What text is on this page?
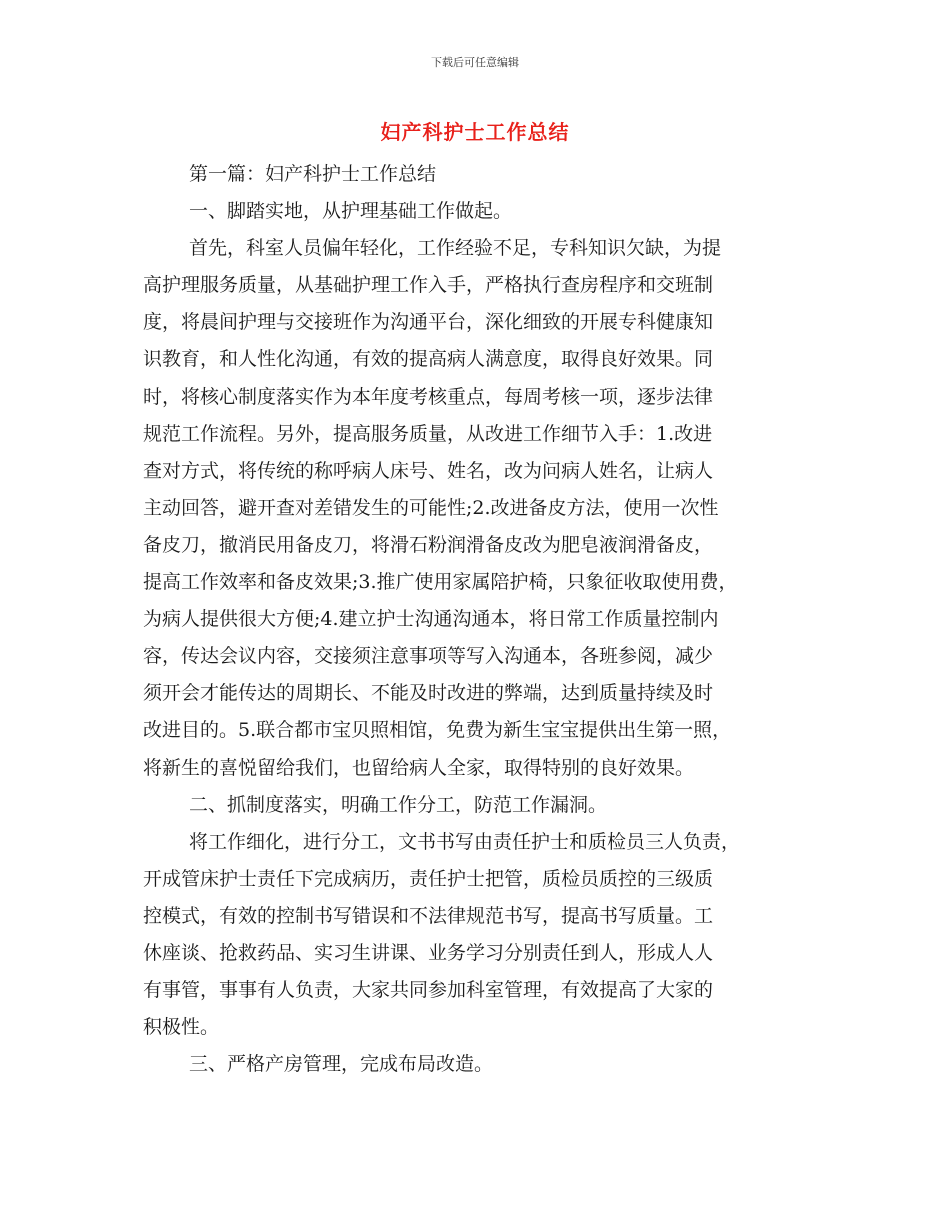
下载后可任意编辑
妇产科护士工作总结
第一篇：妇产科护士工作总结
一、脚踏实地，从护理基础工作做起。
首先，科室人员偏年轻化，工作经验不足，专科知识欠缺，为提
高护理服务质量，从基础护理工作入手，严格执行查房程序和交班制
度，将晨间护理与交接班作为沟通平台，深化细致的开展专科健康知
识教育，和人性化沟通，有效的提高病人满意度，取得良好效果。同
时，将核心制度落实作为本年度考核重点，每周考核一项，逐步法律
规范工作流程。另外，提高服务质量，从改进工作细节入手：1.改进
查对方式，将传统的称呼病人床号、姓名，改为问病人姓名，让病人
主动回答，避开查对差错发生的可能性;2.改进备皮方法，使用一次性
备皮刀，撤消民用备皮刀，将滑石粉润滑备皮改为肥皂液润滑备皮，
提高工作效率和备皮效果;3.推广使用家属陪护椅，只象征收取使用费，
为病人提供很大方便;4.建立护士沟通沟通本，将日常工作质量控制内
容，传达会议内容，交接须注意事项等写入沟通本，各班参阅，减少
须开会才能传达的周期长、不能及时改进的弊端，达到质量持续及时
改进目的。5.联合都市宝贝照相馆，免费为新生宝宝提供出生第一照，
将新生的喜悦留给我们，也留给病人全家，取得特别的良好效果。
二、抓制度落实，明确工作分工，防范工作漏洞。
将工作细化，进行分工，文书书写由责任护士和质检员三人负责，
开成管床护士责任下完成病历，责任护士把管，质检员质控的三级质
控模式，有效的控制书写错误和不法律规范书写，提高书写质量。工
休座谈、抢救药品、实习生讲课、业务学习分别责任到人，形成人人
有事管，事事有人负责，大家共同参加科室管理，有效提高了大家的
积极性。
三、严格产房管理，完成布局改造。
